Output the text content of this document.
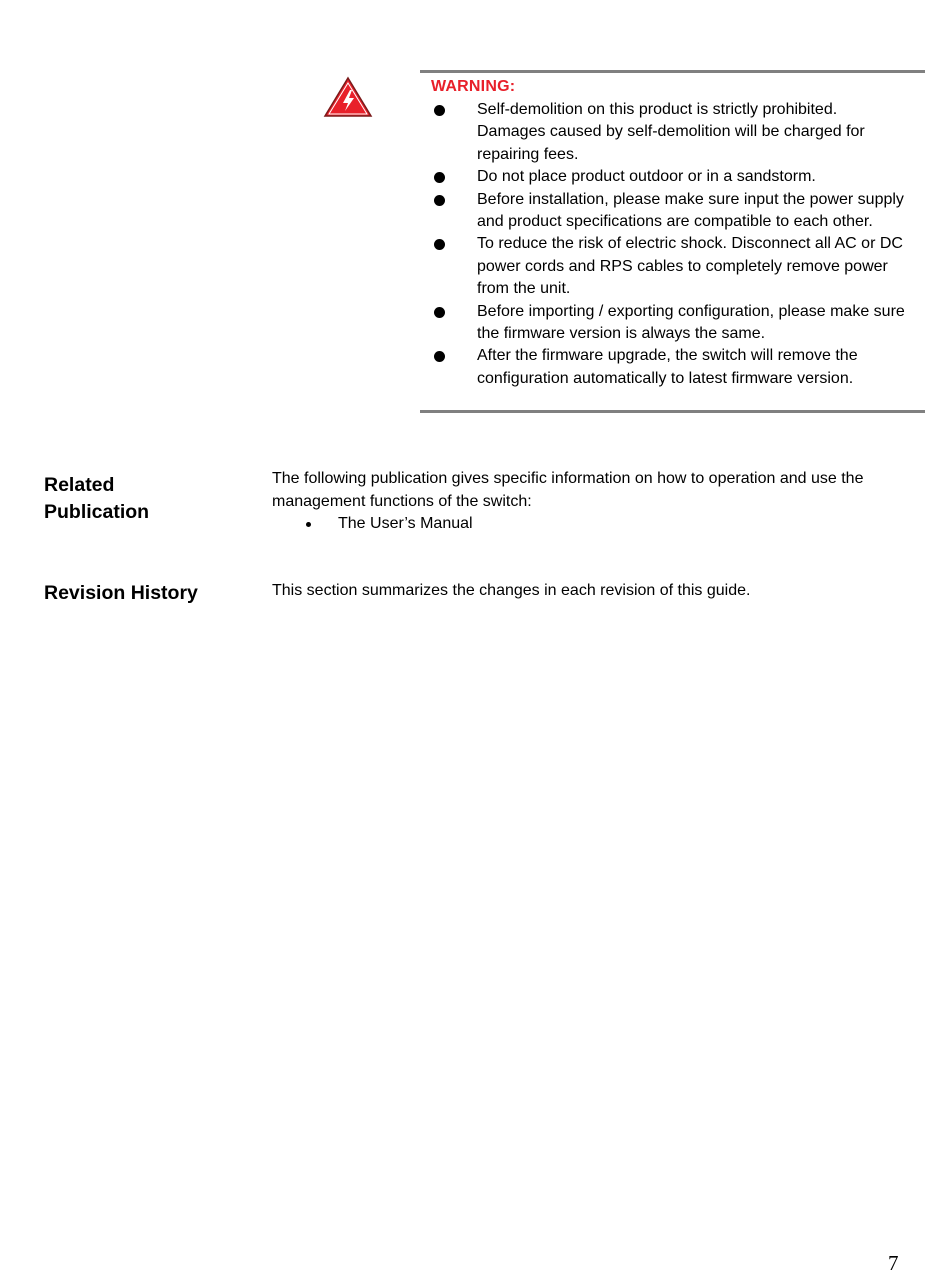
WARNING:
Self-demolition on this product is strictly prohibited. Damages caused by self-demolition will be charged for repairing fees.
Do not place product outdoor or in a sandstorm.
Before installation, please make sure input the power supply and product specifications are compatible to each other.
To reduce the risk of electric shock. Disconnect all AC or DC power cords and RPS cables to completely remove power from the unit.
Before importing / exporting configuration, please make sure the firmware version is always the same.
After the firmware upgrade, the switch will remove the configuration automatically to latest firmware version.
Related
Publication

The following publication gives specific information on how to operation and use the management functions of the switch:

The User’s Manual
Revision History	This section summarizes the changes in each revision of this guide.

7
